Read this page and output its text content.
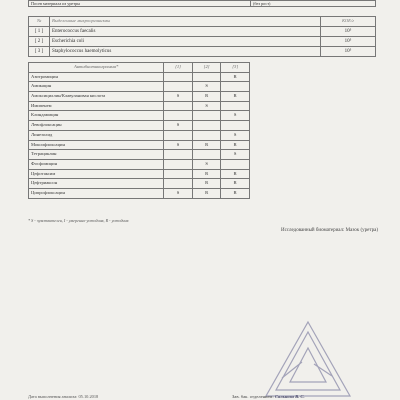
Посев материала из уретры	(без рост)
№	Выделенные микроорганизмы	КОЕ/г
[ 1 ]	Enterococcus faecalis	10⁵
[ 2 ]	Escherichia coli	10⁵
[ 3 ]	Staphylococcus haemolyticus	10⁵
Антибиотикограмма*	[1]	[2]	[3]
Азитромицин			R
Амикацин		S	
Амоксициллин/Клавулановая кислота	S	R	R
Имипенем		S	
Клиндамицин			S
Левофлоксацин	S		
Линезолид			S
Моксифлоксацин	S	R	R
Тетрациклин			S
Фосфомицин		S	
Цефотаксим		R	R
Цефтриаксон		R	R
Ципрофлоксацин	S	R	R
* S - чувствителен, I - умеренно-устойчив, R - устойчив
Исследованный биоматериал: Мазок (уретра)
Дата выполнения анализа: 05.10.2018	Зав. бак. отделением: Сальнова В. С.
